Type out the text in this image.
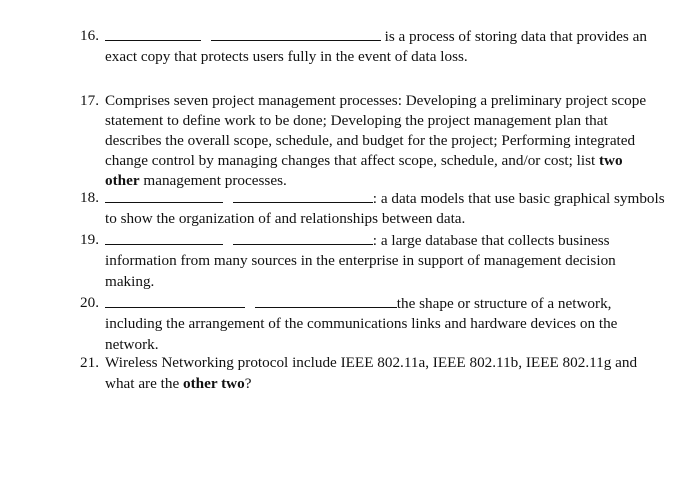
16.	is a process of storing data that provides an
exact copy that protects users fully in the event of data loss.
17. Comprises seven project management processes: Developing a preliminary project scope
statement to define work to be done; Developing the project management plan that
describes the overall scope, schedule, and budget for the project; Performing integrated
change control by managing changes that affect scope, schedule, and/or cost; list two
other management processes.
18.	: a data models that use basic graphical symbols
to show the organization of and relationships between data.
19.	: a large database that collects business
information from many sources in the enterprise in support of management decision
making.
20.	the shape or structure of a network,
including the arrangement of the communications links and hardware devices on the
network.
21. Wireless Networking protocol include IEEE 802.11a, IEEE 802.11b, IEEE 802.11g and
what are the other two?
